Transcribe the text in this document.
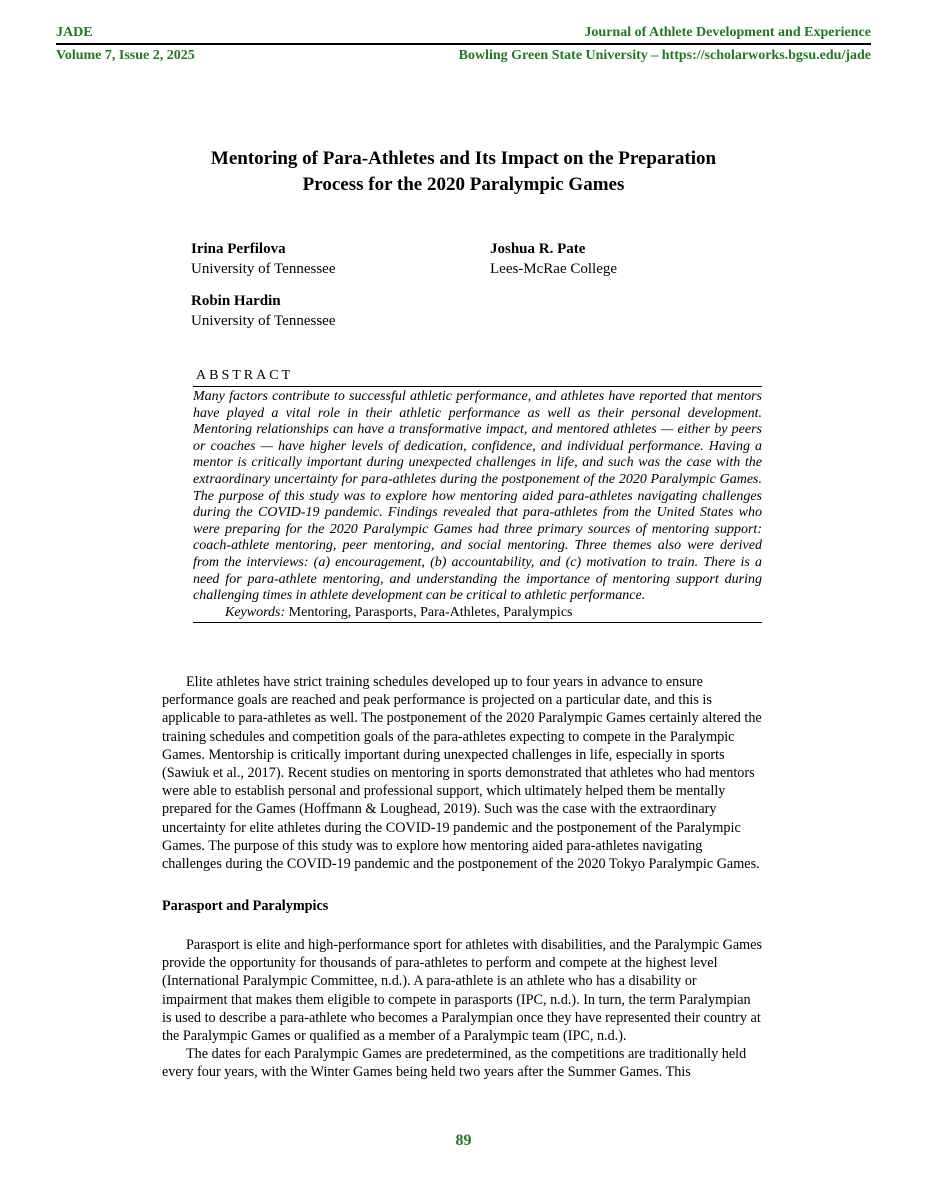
JADE	Journal of Athlete Development and Experience
Volume 7, Issue 2, 2025	Bowling Green State University – https://scholarworks.bgsu.edu/jade
Mentoring of Para-Athletes and Its Impact on the Preparation
Process for the 2020 Paralympic Games
Irina Perfilova
University of Tennessee
Joshua R. Pate
Lees-McRae College
Robin Hardin
University of Tennessee
ABSTRACT

Many factors contribute to successful athletic performance, and athletes have reported that mentors have played a vital role in their athletic performance as well as their personal development. Mentoring relationships can have a transformative impact, and mentored athletes — either by peers or coaches — have higher levels of dedication, confidence, and individual performance. Having a mentor is critically important during unexpected challenges in life, and such was the case with the extraordinary uncertainty for para-athletes during the postponement of the 2020 Paralympic Games. The purpose of this study was to explore how mentoring aided para-athletes navigating challenges during the COVID-19 pandemic. Findings revealed that para-athletes from the United States who were preparing for the 2020 Paralympic Games had three primary sources of mentoring support: coach-athlete mentoring, peer mentoring, and social mentoring. Three themes also were derived from the interviews: (a) encouragement, (b) accountability, and (c) motivation to train. There is a need for para-athlete mentoring, and understanding the importance of mentoring support during challenging times in athlete development can be critical to athletic performance.

Keywords: Mentoring, Parasports, Para-Athletes, Paralympics

Elite athletes have strict training schedules developed up to four years in advance to ensure performance goals are reached and peak performance is projected on a particular date, and this is applicable to para-athletes as well. The postponement of the 2020 Paralympic Games certainly altered the training schedules and competition goals of the para-athletes expecting to compete in the Paralympic Games. Mentorship is critically important during unexpected challenges in life, especially in sports (Sawiuk et al., 2017). Recent studies on mentoring in sports demonstrated that athletes who had mentors were able to establish personal and professional support, which ultimately helped them be mentally prepared for the Games (Hoffmann & Loughead, 2019). Such was the case with the extraordinary uncertainty for elite athletes during the COVID-19 pandemic and the postponement of the Paralympic Games. The purpose of this study was to explore how mentoring aided para-athletes navigating challenges during the COVID-19 pandemic and the postponement of the 2020 Tokyo Paralympic Games.

Parasport and Paralympics

Parasport is elite and high-performance sport for athletes with disabilities, and the Paralympic Games provide the opportunity for thousands of para-athletes to perform and compete at the highest level (International Paralympic Committee, n.d.). A para-athlete is an athlete who has a disability or impairment that makes them eligible to compete in parasports (IPC, n.d.). In turn, the term Paralympian is used to describe a para-athlete who becomes a Paralympian once they have represented their country at the Paralympic Games or qualified as a member of a Paralympic team (IPC, n.d.).

The dates for each Paralympic Games are predetermined, as the competitions are traditionally held every four years, with the Winter Games being held two years after the Summer Games. This

89
